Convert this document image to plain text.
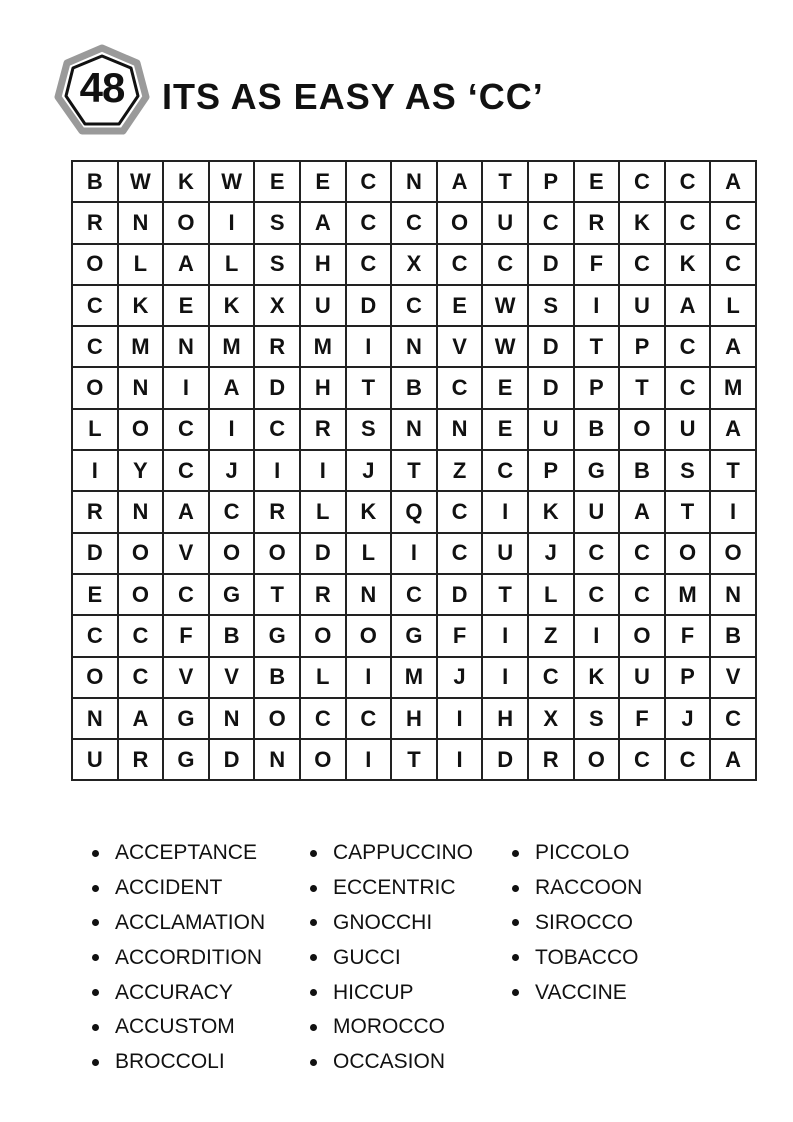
48	ITS AS EASY AS ‘CC’
B	W	K	W	E	E	C	N	A	T	P	E	C	C	A
R	N	O	I	S	A	C	C	O	U	C	R	K	C	C
O	L	A	L	S	H	C	X	C	C	D	F	C	K	C
C	K	E	K	X	U	D	C	E	W	S	I	U	A	L
C	M	N	M	R	M	I	N	V	W	D	T	P	C	A
O	N	I	A	D	H	T	B	C	E	D	P	T	C	M
L	O	C	I	C	R	S	N	N	E	U	B	O	U	A
I	Y	C	J	I	I	J	T	Z	C	P	G	B	S	T
R	N	A	C	R	L	K	Q	C	I	K	U	A	T	I
D	O	V	O	O	D	L	I	C	U	J	C	C	O	O
E	O	C	G	T	R	N	C	D	T	L	C	C	M	N
C	C	F	B	G	O	O	G	F	I	Z	I	O	F	B
O	C	V	V	B	L	I	M	J	I	C	K	U	P	V
N	A	G	N	O	C	C	H	I	H	X	S	F	J	C
U	R	G	D	N	O	I	T	I	D	R	O	C	C	A
ACCEPTANCE
ACCIDENT
ACCLAMATION
ACCORDITION
ACCURACY
ACCUSTOM
BROCCOLI
CAPPUCCINO
ECCENTRIC
GNOCCHI
GUCCI
HICCUP
MOROCCO
OCCASION
PICCOLO
RACCOON
SIROCCO
TOBACCO
VACCINE
